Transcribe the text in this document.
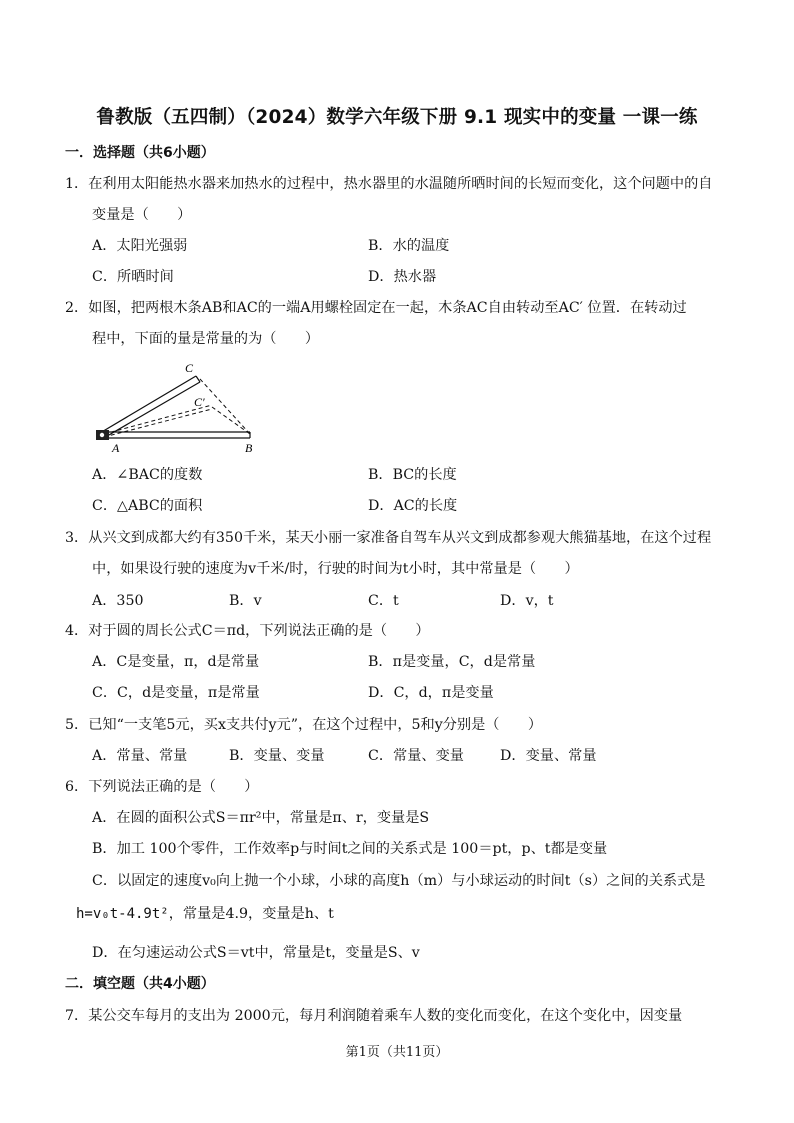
鲁教版（五四制）（2024）数学六年级下册 9.1 现实中的变量 一课一练
一．选择题（共6小题）
1．在利用太阳能热水器来加热水的过程中，热水器里的水温随所晒时间的长短而变化，这个问题中的自
变量是（　　）
A．太阳光强弱	B．水的温度
C．所晒时间	D．热水器
2．如图，把两根木条AB和AC的一端A用螺栓固定在一起，木条AC自由转动至AC′ 位置．在转动过
程中，下面的量是常量的为（　　）
C
C′
A	B
A．∠BAC的度数	B．BC的长度
C．△ABC的面积	D．AC的长度
3．从兴文到成都大约有350千米，某天小丽一家准备自驾车从兴文到成都参观大熊猫基地，在这个过程
中，如果设行驶的速度为v千米/时，行驶的时间为t小时，其中常量是（　　）
A．350	B．v	C．t	D．v，t
4．对于圆的周长公式C＝πd，下列说法正确的是（　　）
A．C是变量，π，d是常量	B．π是变量，C，d是常量
C．C，d是变量，π是常量	D．C，d，π是变量
5．已知“一支笔5元，买x支共付y元”，在这个过程中，5和y分别是（　　）
A．常量、常量	B．变量、变量	C．常量、变量	D．变量、常量
6．下列说法正确的是（　　）
A．在圆的面积公式S＝πr²中，常量是π、r，变量是S
B．加工 100个零件，工作效率p与时间t之间的关系式是 100＝pt，p、t都是变量
C．以固定的速度v₀向上抛一个小球，小球的高度h（m）与小球运动的时间t（s）之间的关系式是
h=v₀t-4.9t²，常量是4.9，变量是h、t
D．在匀速运动公式S＝vt中，常量是t，变量是S、v
二．填空题（共4小题）
7．某公交车每月的支出为 2000元，每月利润随着乘车人数的变化而变化，在这个变化中，因变量
第1页（共11页）
